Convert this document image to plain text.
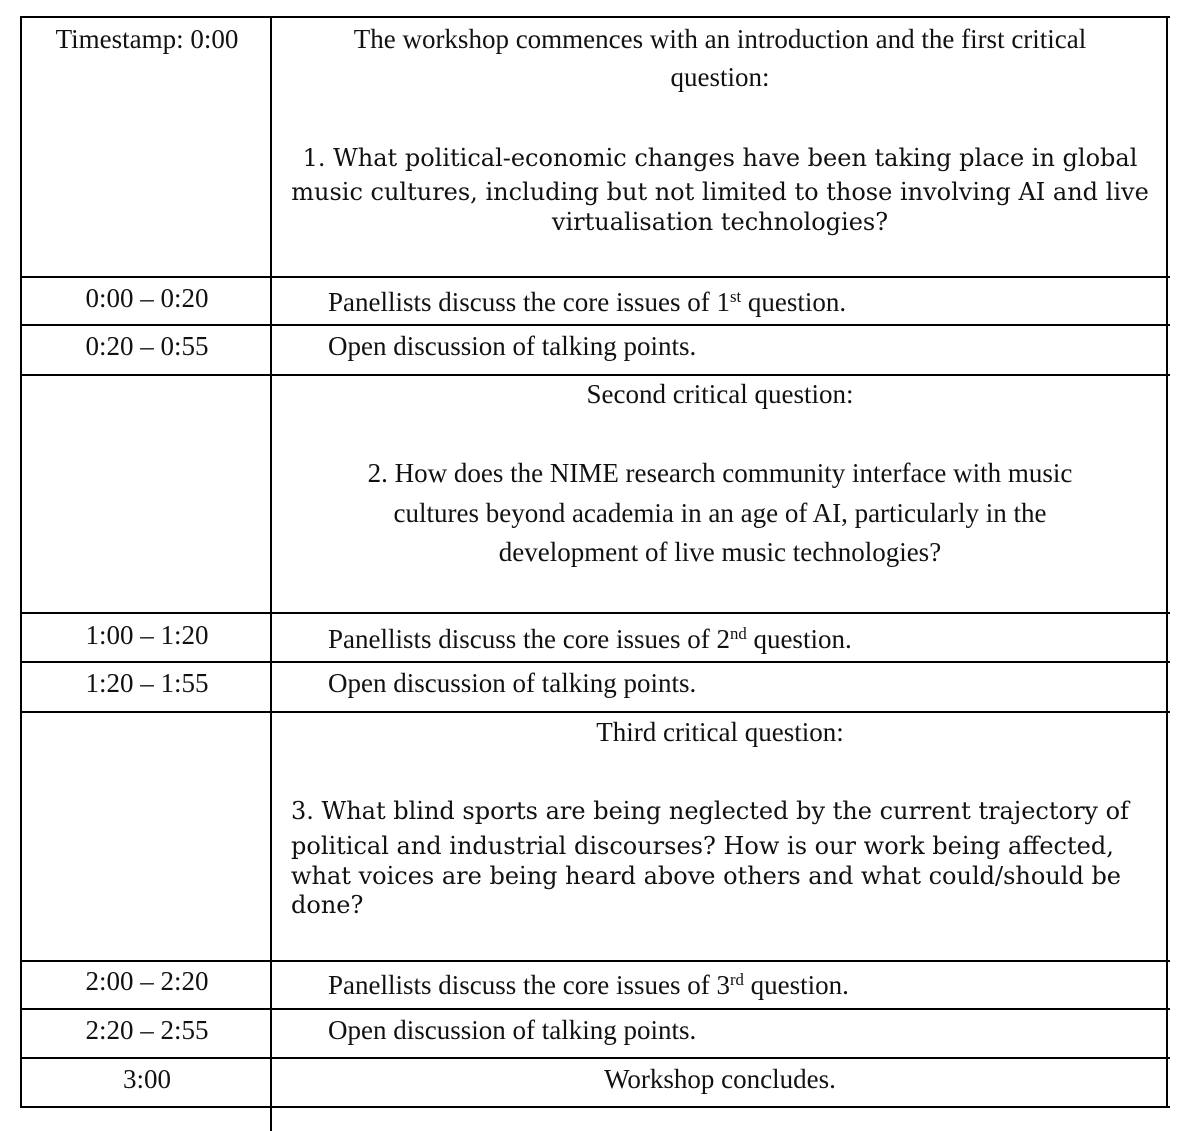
Timestamp: 0:00	The workshop commences with an introduction and the first critical
question:
1. What political-economic changes have been taking place in global
music cultures, including but not limited to those involving AI and live
virtualisation technologies?
0:00 – 0:20	Panellists discuss the core issues of 1st question.
0:20 – 0:55	Open discussion of talking points.
Second critical question:
2. How does the NIME research community interface with music
cultures beyond academia in an age of AI, particularly in the
development of live music technologies?
1:00 – 1:20	Panellists discuss the core issues of 2nd question.
1:20 – 1:55	Open discussion of talking points.
Third critical question:
3. What blind sports are being neglected by the current trajectory of
political and industrial discourses? How is our work being affected,
what voices are being heard above others and what could/should be
done?
2:00 – 2:20	Panellists discuss the core issues of 3rd question.
2:20 – 2:55	Open discussion of talking points.
3:00	Workshop concludes.
